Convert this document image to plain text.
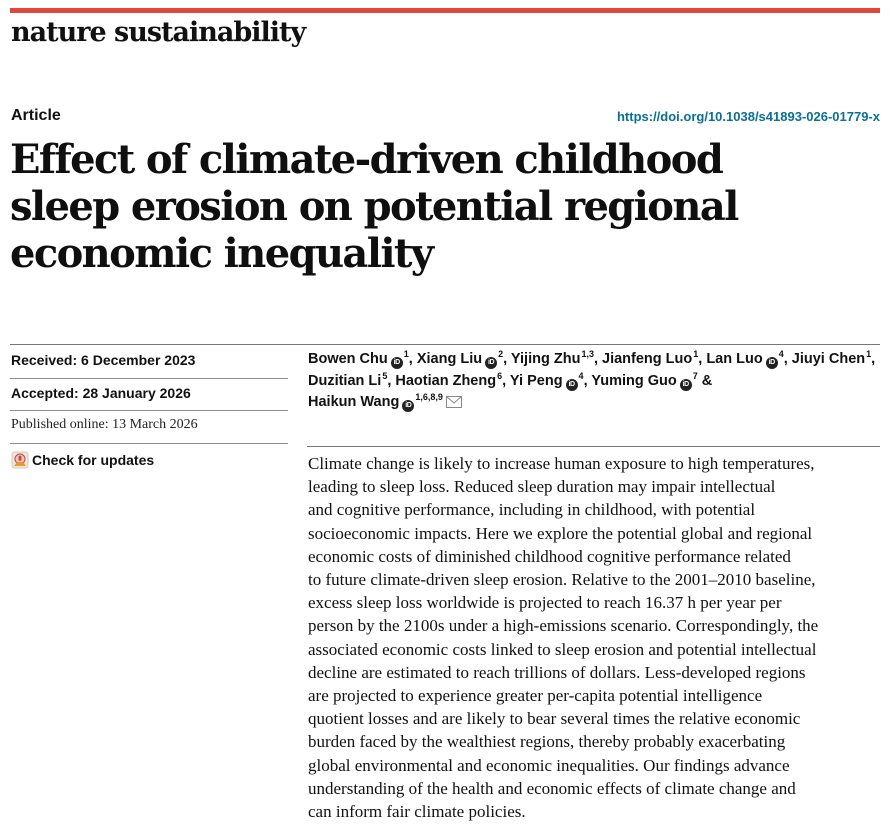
nature sustainability
Article	https://doi.org/10.1038/s41893-026-01779-x
Effect of climate-driven childhood
sleep erosion on potential regional
economic inequality
Received: 6 December 2023
Accepted: 28 January 2026
Published online: 13 March 2026
Check for updates
Bowen Chu $iD^1$, Xiang Liu $iD^2$, Yijing Zhu$^{1,3}$, Jianfeng Luo$^1$, Lan Luo $iD^4$, Jiuyi Chen$^1$,
Duzitian Li$^5$, Haotian Zheng$^6$, Yi Peng $iD^4$, Yuming Guo $iD^7$ &
Haikun Wang iD$^{1,6,8,9}$

Climate change is likely to increase human exposure to high temperatures,
leading to sleep loss. Reduced sleep duration may impair intellectual
and cognitive performance, including in childhood, with potential
socioeconomic impacts. Here we explore the potential global and regional
economic costs of diminished childhood cognitive performance related
to future climate-driven sleep erosion. Relative to the 2001–2010 baseline,
excess sleep loss worldwide is projected to reach 16.37 h per year per
person by the 2100s under a high-emissions scenario. Correspondingly, the
associated economic costs linked to sleep erosion and potential intellectual
decline are estimated to reach trillions of dollars. Less-developed regions
are projected to experience greater per-capita potential intelligence
quotient losses and are likely to bear several times the relative economic
burden faced by the wealthiest regions, thereby probably exacerbating
global environmental and economic inequalities. Our findings advance
understanding of the health and economic effects of climate change and
can inform fair climate policies.
